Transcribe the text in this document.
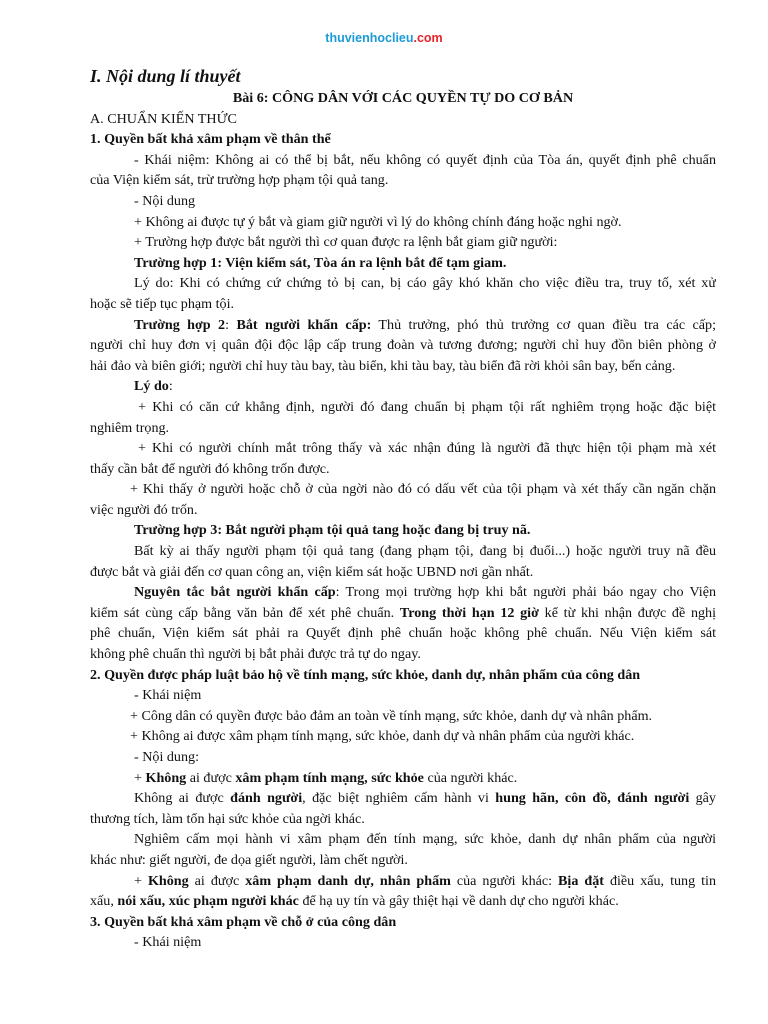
thuvienhoclieu.com
I. Nội dung lí thuyết
Bài 6: CÔNG DÂN VỚI CÁC QUYỀN TỰ DO CƠ BẢN
A. CHUẨN KIẾN THỨC
1. Quyền bất khả xâm phạm về thân thể
- Khái niệm: Không ai có thể bị bắt, nếu không có quyết định của Tòa án, quyết định phê chuẩn
của Viện kiểm sát, trừ trường hợp phạm tội quả tang.
- Nội dung
+ Không ai được tự ý bắt và giam giữ người vì lý do không chính đáng hoặc nghi ngờ.
+ Trường hợp được bắt người thì cơ quan được ra lệnh bắt giam giữ người:
Trường hợp 1: Viện kiểm sát, Tòa án ra lệnh bắt để tạm giam.
Lý do: Khi có chứng cứ chứng tỏ bị can, bị cáo gây khó khăn cho việc điều tra, truy tố, xét xử
hoặc sẽ tiếp tục phạm tội.
Trường hợp 2: Bắt người khẩn cấp: Thủ trưởng, phó thủ trưởng cơ quan điều tra các cấp;
người chỉ huy đơn vị quân đội độc lập cấp trung đoàn và tương đương; người chỉ huy đồn biên phòng ở
hải đảo và biên giới; người chỉ huy tàu bay, tàu biển, khi tàu bay, tàu biển đã rời khỏi sân bay, bến cảng.
Lý do:
+ Khi có căn cứ khẳng định, người đó đang chuẩn bị phạm tội rất nghiêm trọng hoặc đặc biệt
nghiêm trọng.
+ Khi có người chính mắt trông thấy và xác nhận đúng là người đã thực hiện tội phạm mà xét
thấy cần bắt để người đó không trốn được.
+ Khi thấy ở người hoặc chỗ ở của ngời nào đó có dấu vết của tội phạm và xét thấy cần ngăn chặn
việc người đó trốn.
Trường hợp 3: Bắt người phạm tội quả tang hoặc đang bị truy nã.
Bất kỳ ai thấy người phạm tội quả tang (đang phạm tội, đang bị đuổi...) hoặc người truy nã đều
được bắt và giải đến cơ quan công an, viện kiểm sát hoặc UBND nơi gần nhất.
Nguyên tắc bắt người khẩn cấp: Trong mọi trường hợp khi bắt người phải báo ngay cho Viện
kiểm sát cùng cấp bằng văn bản để xét phê chuẩn. Trong thời hạn 12 giờ kể từ khi nhận được đề nghị
phê chuẩn, Viện kiểm sát phải ra Quyết định phê chuẩn hoặc không phê chuẩn. Nếu Viện kiểm sát
không phê chuẩn thì người bị bắt phải được trả tự do ngay.
2. Quyền được pháp luật bảo hộ về tính mạng, sức khỏe, danh dự, nhân phẩm của công dân
- Khái niệm
+ Công dân có quyền được bảo đảm an toàn về tính mạng, sức khỏe, danh dự và nhân phẩm.
+ Không ai được xâm phạm tính mạng, sức khỏe, danh dự và nhân phẩm của người khác.
- Nội dung:
+ Không ai được xâm phạm tính mạng, sức khỏe của người khác.
Không ai được đánh người, đặc biệt nghiêm cấm hành vi hung hãn, côn đồ, đánh người gây
thương tích, làm tổn hại sức khỏe của ngời khác.
Nghiêm cấm mọi hành vi xâm phạm đến tính mạng, sức khỏe, danh dự nhân phẩm của người
khác như: giết người, đe dọa giết người, làm chết người.
+ Không ai được xâm phạm danh dự, nhân phẩm của người khác: Bịa đặt điều xấu, tung tin
xấu, nói xấu, xúc phạm người khác để hạ uy tín và gây thiệt hại về danh dự cho người khác.
3. Quyền bất khả xâm phạm về chỗ ở của công dân
- Khái niệm
